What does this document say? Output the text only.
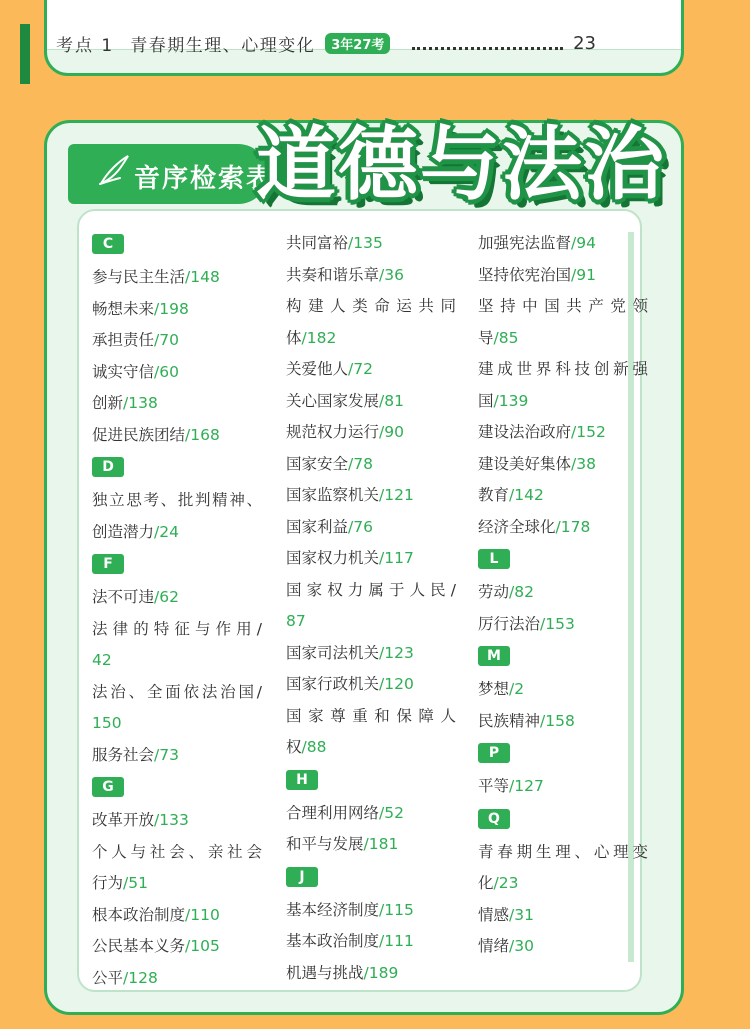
考点 1 青春期生理、心理变化	3年27考	23
音序检索表
道德与法治
C
参与民主生活/148
畅想未来/198
承担责任/70
诚实守信/60
创新/138
促进民族团结/168
D
独立思考、批判精神、
创造潜力/24
F
法不可违/62
法律的特征与作用/
42
法治、全面依法治国/
150
服务社会/73
G
改革开放/133
个人与社会、亲社会
行为/51
根本政治制度/110
公民基本义务/105
公平/128
共同富裕/135
共奏和谐乐章/36
构建人类命运共同
体/182
关爱他人/72
关心国家发展/81
规范权力运行/90
国家安全/78
国家监察机关/121
国家利益/76
国家权力机关/117
国家权力属于人民/
87
国家司法机关/123
国家行政机关/120
国家尊重和保障人
权/88
H
合理利用网络/52
和平与发展/181
J
基本经济制度/115
基本政治制度/111
机遇与挑战/189
加强宪法监督/94
坚持依宪治国/91
坚持中国共产党领
导/85
建成世界科技创新强
国/139
建设法治政府/152
建设美好集体/38
教育/142
经济全球化/178
L
劳动/82
厉行法治/153
M
梦想/2
民族精神/158
P
平等/127
Q
青春期生理、心理变
化/23
情感/31
情绪/30
